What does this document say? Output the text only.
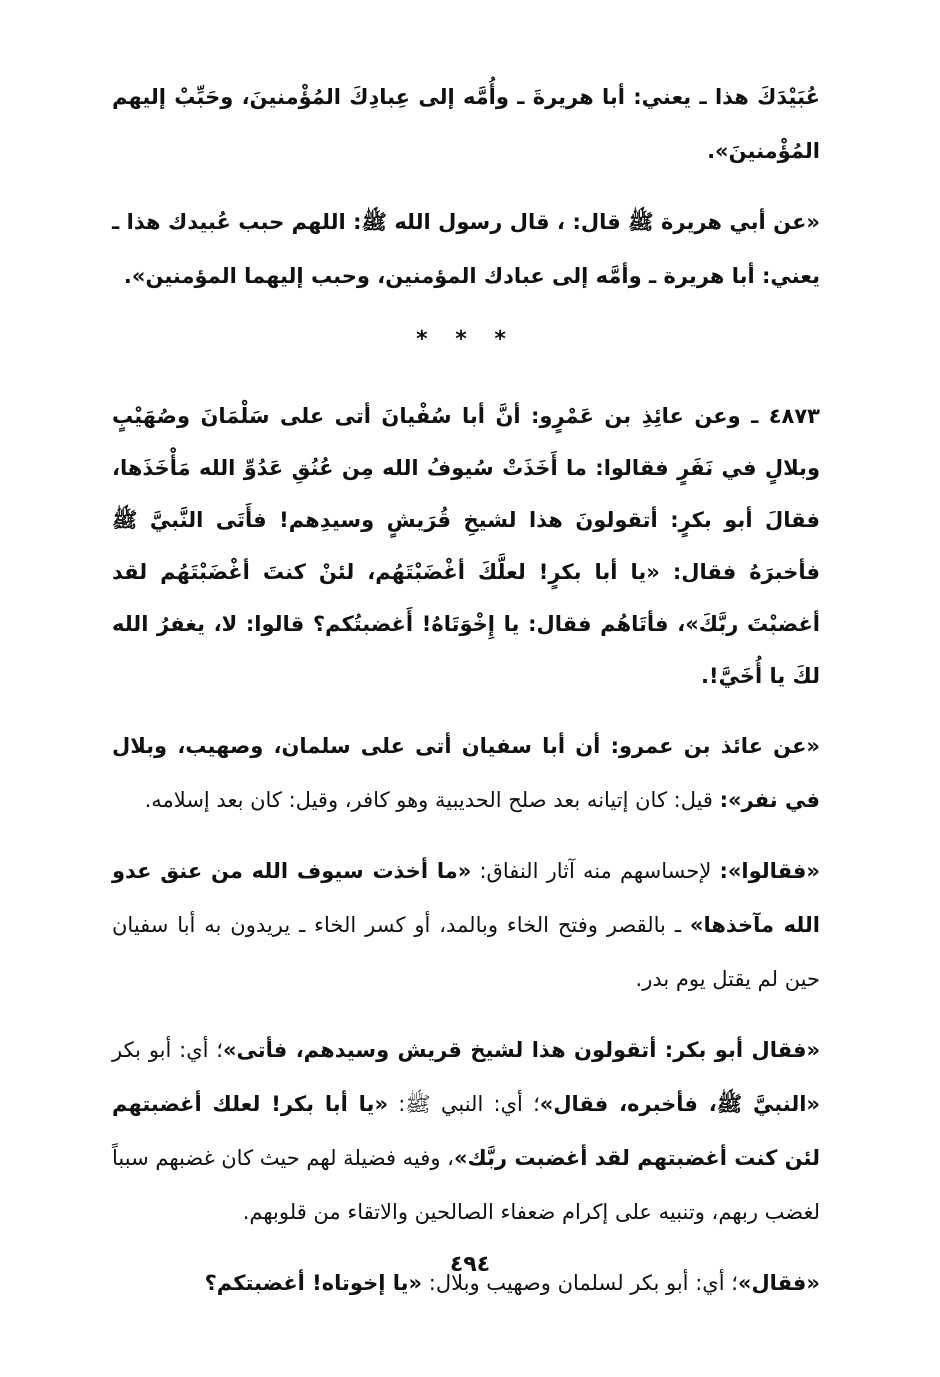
عُبَيْدَكَ هذا ـ يعني: أبا هريرةَ ـ وأُمَّه إلى عِبادِكَ المُؤْمنينَ، وحَبِّبْ إليهم المُؤْمنينَ».

«عن أبي هريرة ﷺ قال: ، قال رسول الله ﷺ: اللهم حبب عُبيدك هذا ـ يعني: أبا هريرة ـ وأمَّه إلى عبادك المؤمنين، وحبب إليهما المؤمنين».

* * *

٤٨٧٣ ـ وعن عائِذِ بن عَمْرٍو: أنَّ أبا سُفْيانَ أتى على سَلْمَانَ وصُهَيْبٍ وبلالٍ في نَفَرٍ فقالوا: ما أَخَذَتْ سُيوفُ الله مِن عُنُقِ عَدُوِّ الله مَأْخَذَها، فقالَ أبو بكرٍ: أتقولونَ هذا لشيخِ قُرَيشٍ وسيدِهم! فأَتَى النَّبيَّ ﷺ فأخبرَهُ فقال: «يا أبا بكرٍ! لعلَّكَ أغْضَبْتَهُم، لئنْ كنتَ أغْضَبْتَهُم لقد أغضبْتَ ربَّكَ»، فأتَاهُم فقال: يا إِخْوَتَاهُ! أَغضبتُكم؟ قالوا: لا، يغفرُ الله لكَ يا أُخَيَّ!.

«عن عائذ بن عمرو: أن أبا سفيان أتى على سلمان، وصهيب، وبلال في نفر»: قيل: كان إتيانه بعد صلح الحديبية وهو كافر، وقيل: كان بعد إسلامه.

«فقالوا»: لإحساسهم منه آثار النفاق: «ما أخذت سيوف الله من عنق عدو الله مآخذها» ـ بالقصر وفتح الخاء وبالمد، أو كسر الخاء ـ يريدون به أبا سفيان حين لم يقتل يوم بدر.

«فقال أبو بكر: أتقولون هذا لشيخ قريش وسيدهم، فأتى»؛ أي: أبو بكر «النبيَّ ﷺ، فأخبره، فقال»؛ أي: النبي ﷺ: «يا أبا بكر! لعلك أغضبتهم لئن كنت أغضبتهم لقد أغضبت ربَّك»، وفيه فضيلة لهم حيث كان غضبهم سبباً لغضب ربهم، وتنبيه على إكرام ضعفاء الصالحين والاتقاء من قلوبهم.

«فقال»؛ أي: أبو بكر لسلمان وصهيب وبلال: «يا إخوتاه! أغضبتكم؟

٤٩٤
